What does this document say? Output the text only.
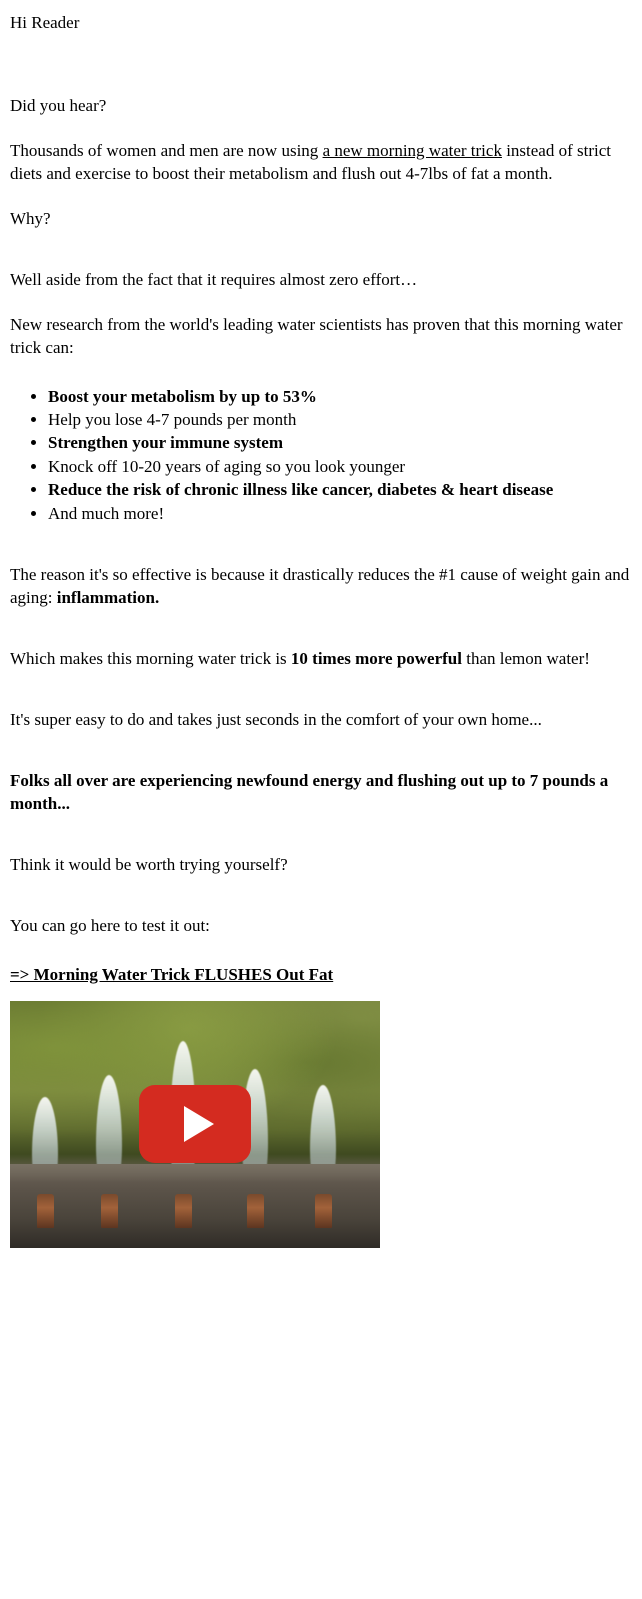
Hi Reader

Did you hear?

Thousands of women and men are now using a new morning water trick instead of strict diets and exercise to boost their metabolism and flush out 4-7lbs of fat a month.

Why?

Well aside from the fact that it requires almost zero effort…

New research from the world's leading water scientists has proven that this morning water trick can:

• Boost your metabolism by up to 53%
• Help you lose 4-7 pounds per month
• Strengthen your immune system
• Knock off 10-20 years of aging so you look younger
• Reduce the risk of chronic illness like cancer, diabetes & heart disease
• And much more!

The reason it's so effective is because it drastically reduces the #1 cause of weight gain and aging: inflammation.

Which makes this morning water trick is 10 times more powerful than lemon water!

It's super easy to do and takes just seconds in the comfort of your own home...

Folks all over are experiencing newfound energy and flushing out up to 7 pounds a month...

Think it would be worth trying yourself?

You can go here to test it out:

=> Morning Water Trick FLUSHES Out Fat
